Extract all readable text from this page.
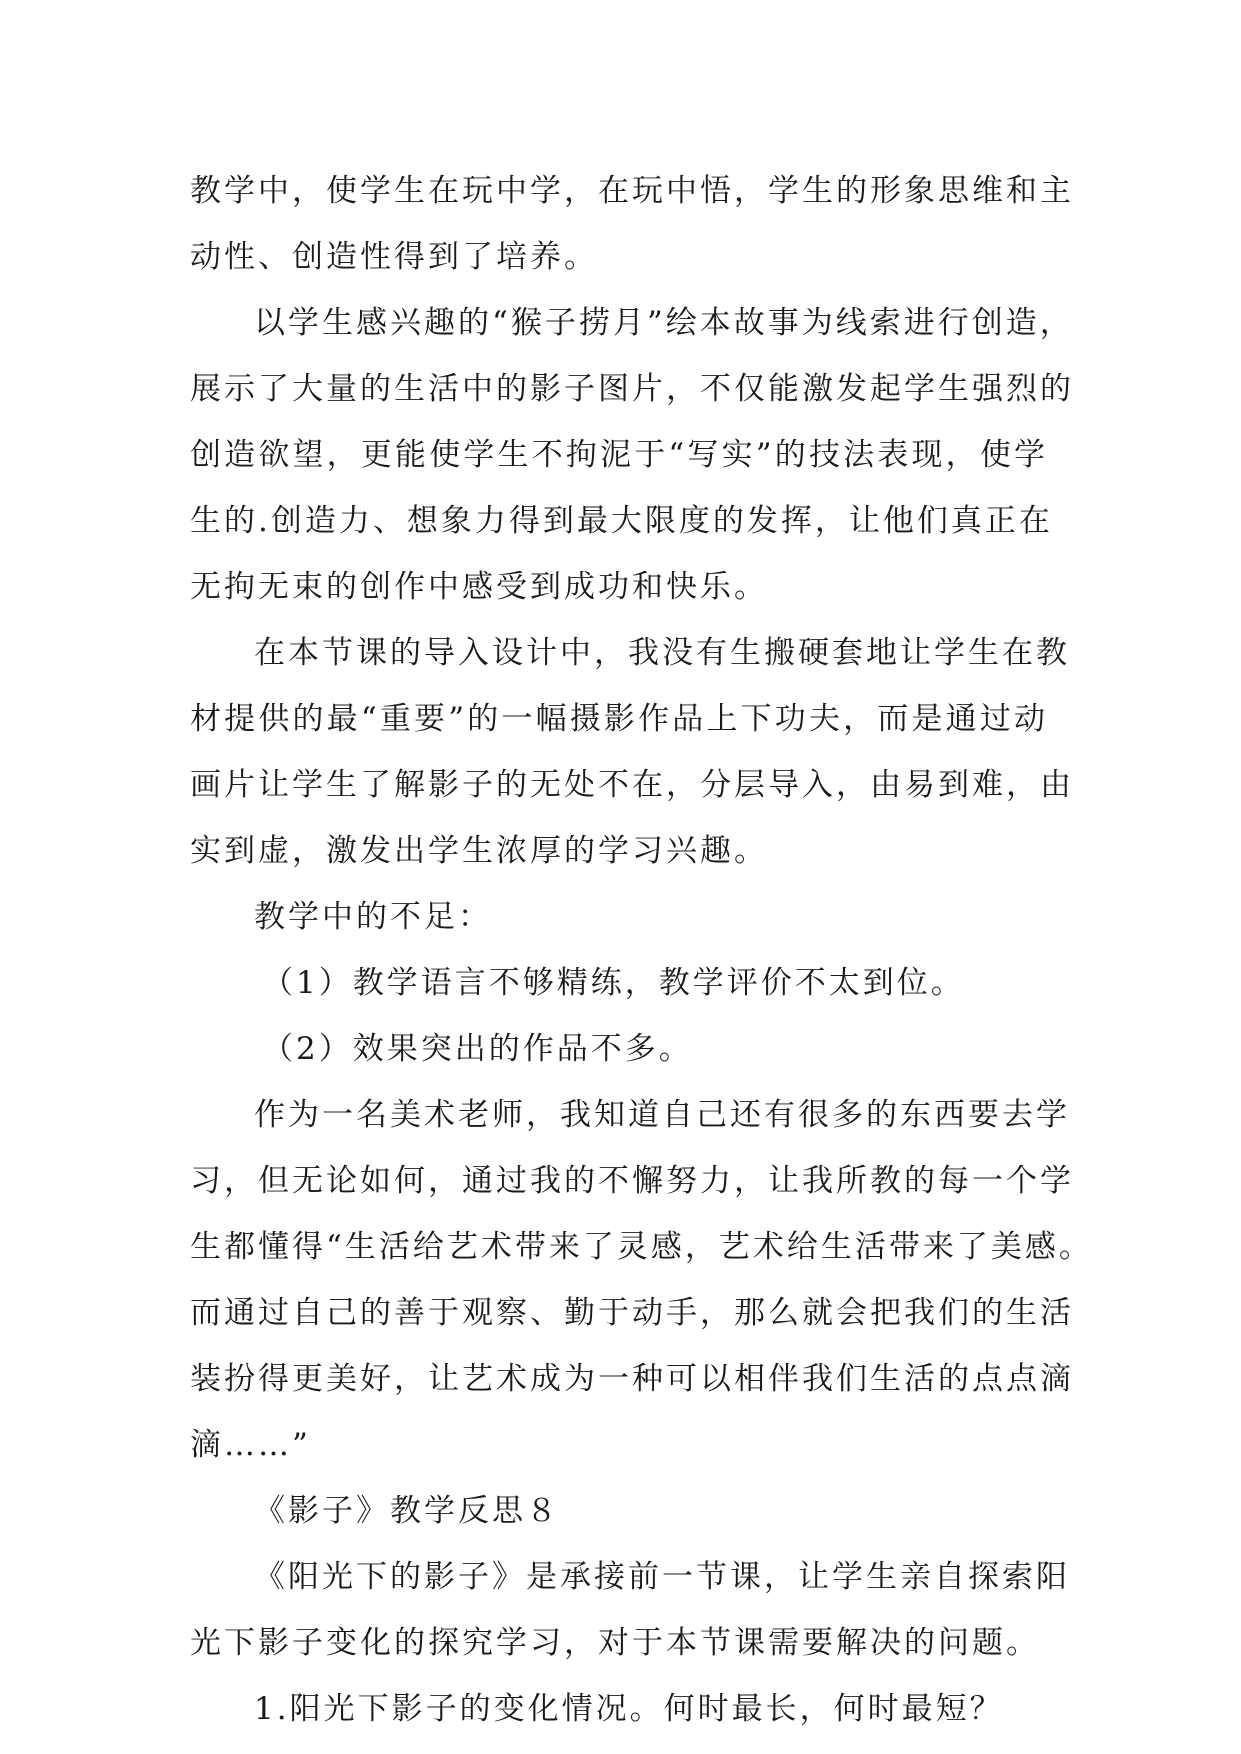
教学中，使学生在玩中学，在玩中悟，学生的形象思维和主
动性、创造性得到了培养。
以学生感兴趣的“猴子捞月”绘本故事为线索进行创造，
展示了大量的生活中的影子图片，不仅能激发起学生强烈的
创造欲望，更能使学生不拘泥于“写实”的技法表现，使学
生的.创造力、想象力得到最大限度的发挥，让他们真正在
无拘无束的创作中感受到成功和快乐。
在本节课的导入设计中，我没有生搬硬套地让学生在教
材提供的最“重要”的一幅摄影作品上下功夫，而是通过动
画片让学生了解影子的无处不在，分层导入，由易到难，由
实到虚，激发出学生浓厚的学习兴趣。
教学中的不足：
（1）教学语言不够精练，教学评价不太到位。
（2）效果突出的作品不多。
作为一名美术老师，我知道自己还有很多的东西要去学
习，但无论如何，通过我的不懈努力，让我所教的每一个学
生都懂得“生活给艺术带来了灵感，艺术给生活带来了美感。
而通过自己的善于观察、勤于动手，那么就会把我们的生活
装扮得更美好，让艺术成为一种可以相伴我们生活的点点滴
滴……”
《影子》教学反思８
《阳光下的影子》是承接前一节课，让学生亲自探索阳
光下影子变化的探究学习，对于本节课需要解决的问题。
1.阳光下影子的变化情况。何时最长，何时最短？
